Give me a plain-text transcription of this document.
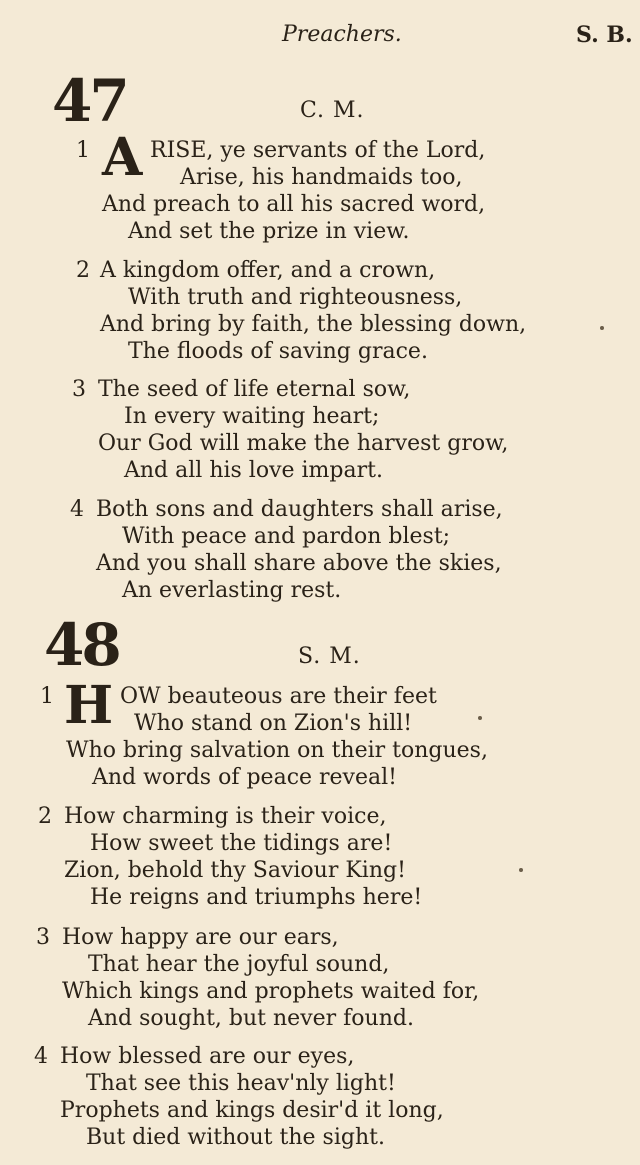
Preachers.	S. B.
47	C. M.
1 A RISE, ye servants of the Lord,
Arise, his handmaids too,
And preach to all his sacred word,
And set the prize in view.
2 A kingdom offer, and a crown,
With truth and righteousness,
And bring by faith, the blessing down,
The floods of saving grace.
3 The seed of life eternal sow,
In every waiting heart;
Our God will make the harvest grow,
And all his love impart.
4 Both sons and daughters shall arise,
With peace and pardon blest;
And you shall share above the skies,
An everlasting rest.
48	S. M.
1 H OW beauteous are their feet
Who stand on Zion's hill!
Who bring salvation on their tongues,
And words of peace reveal!
2 How charming is their voice,
How sweet the tidings are!
Zion, behold thy Saviour King!
He reigns and triumphs here!
3 How happy are our ears,
That hear the joyful sound,
Which kings and prophets waited for,
And sought, but never found.
4 How blessed are our eyes,
That see this heav'nly light!
Prophets and kings desir'd it long,
But died without the sight.
